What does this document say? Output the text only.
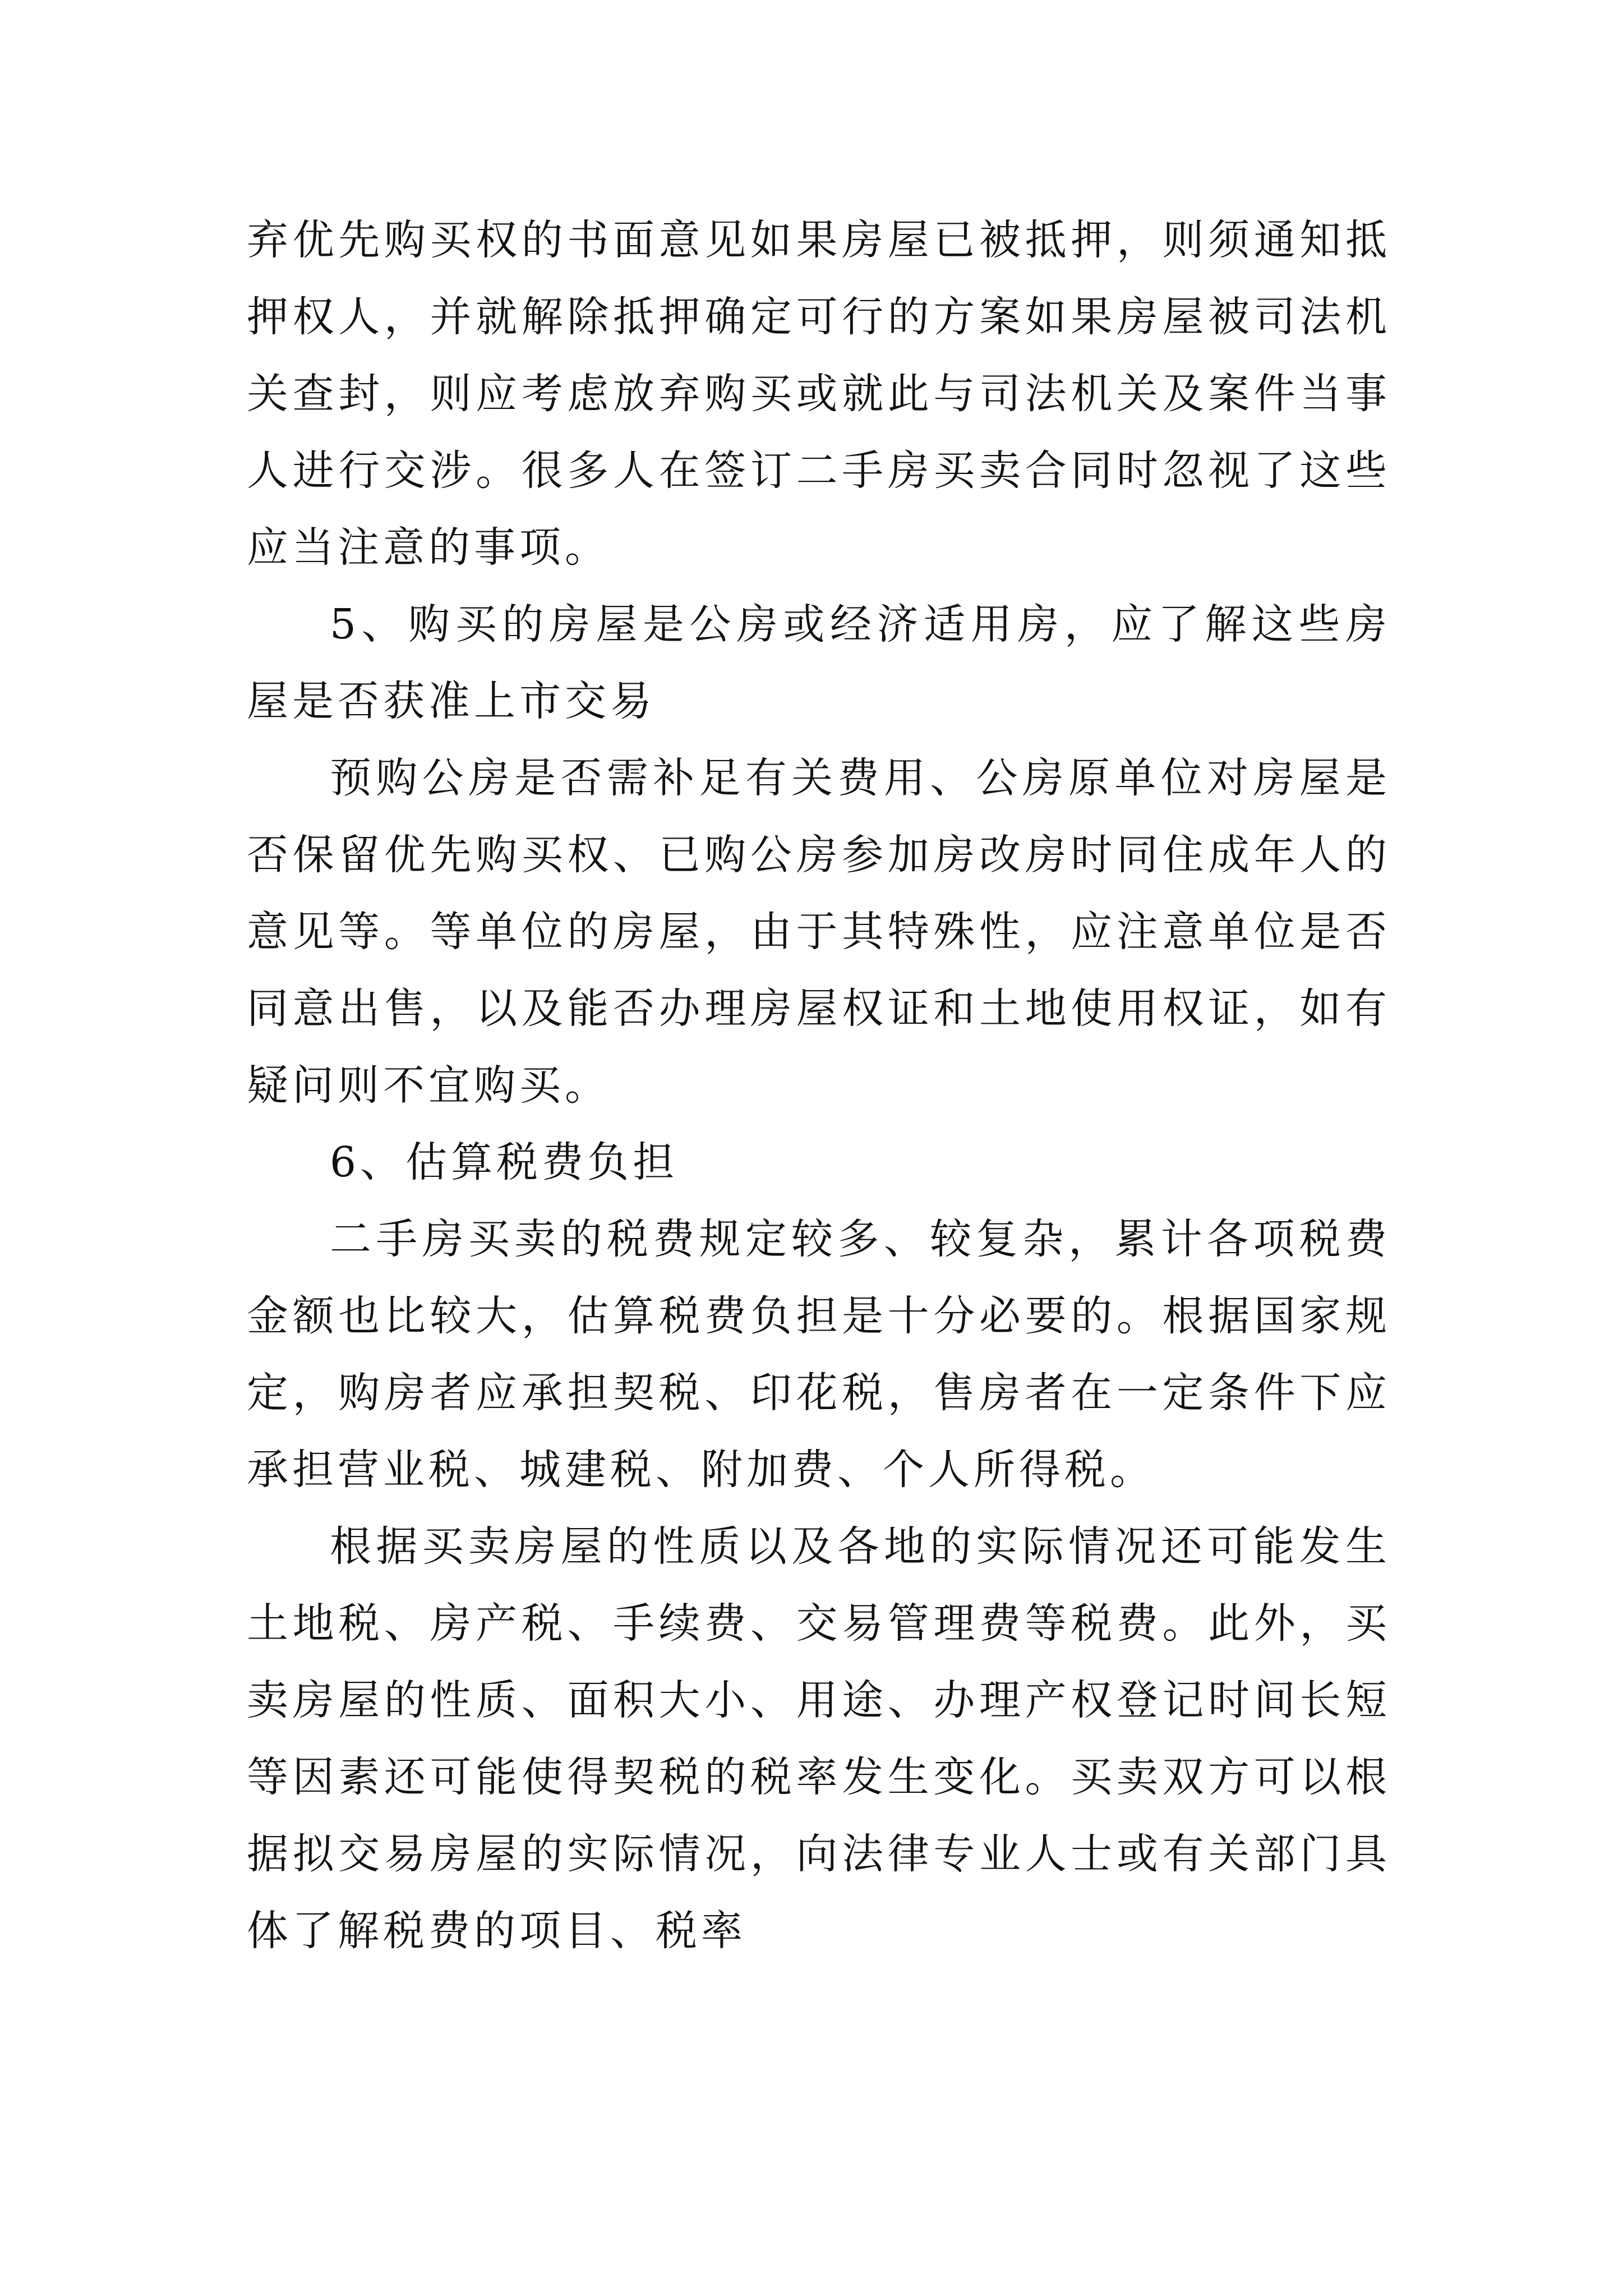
弃优先购买权的书面意见如果房屋已被抵押，则须通知抵押权人，并就解除抵押确定可行的方案如果房屋被司法机关查封，则应考虑放弃购买或就此与司法机关及案件当事人进行交涉。很多人在签订二手房买卖合同时忽视了这些应当注意的事项。

5、购买的房屋是公房或经济适用房，应了解这些房屋是否获准上市交易

预购公房是否需补足有关费用、公房原单位对房屋是否保留优先购买权、已购公房参加房改房时同住成年人的意见等。等单位的房屋，由于其特殊性，应注意单位是否同意出售，以及能否办理房屋权证和土地使用权证，如有疑问则不宜购买。

6、估算税费负担

二手房买卖的税费规定较多、较复杂，累计各项税费金额也比较大，估算税费负担是十分必要的。根据国家规定，购房者应承担契税、印花税，售房者在一定条件下应承担营业税、城建税、附加费、个人所得税。

根据买卖房屋的性质以及各地的实际情况还可能发生土地税、房产税、手续费、交易管理费等税费。此外，买卖房屋的性质、面积大小、用途、办理产权登记时间长短等因素还可能使得契税的税率发生变化。买卖双方可以根据拟交易房屋的实际情况，向法律专业人士或有关部门具体了解税费的项目、税率
